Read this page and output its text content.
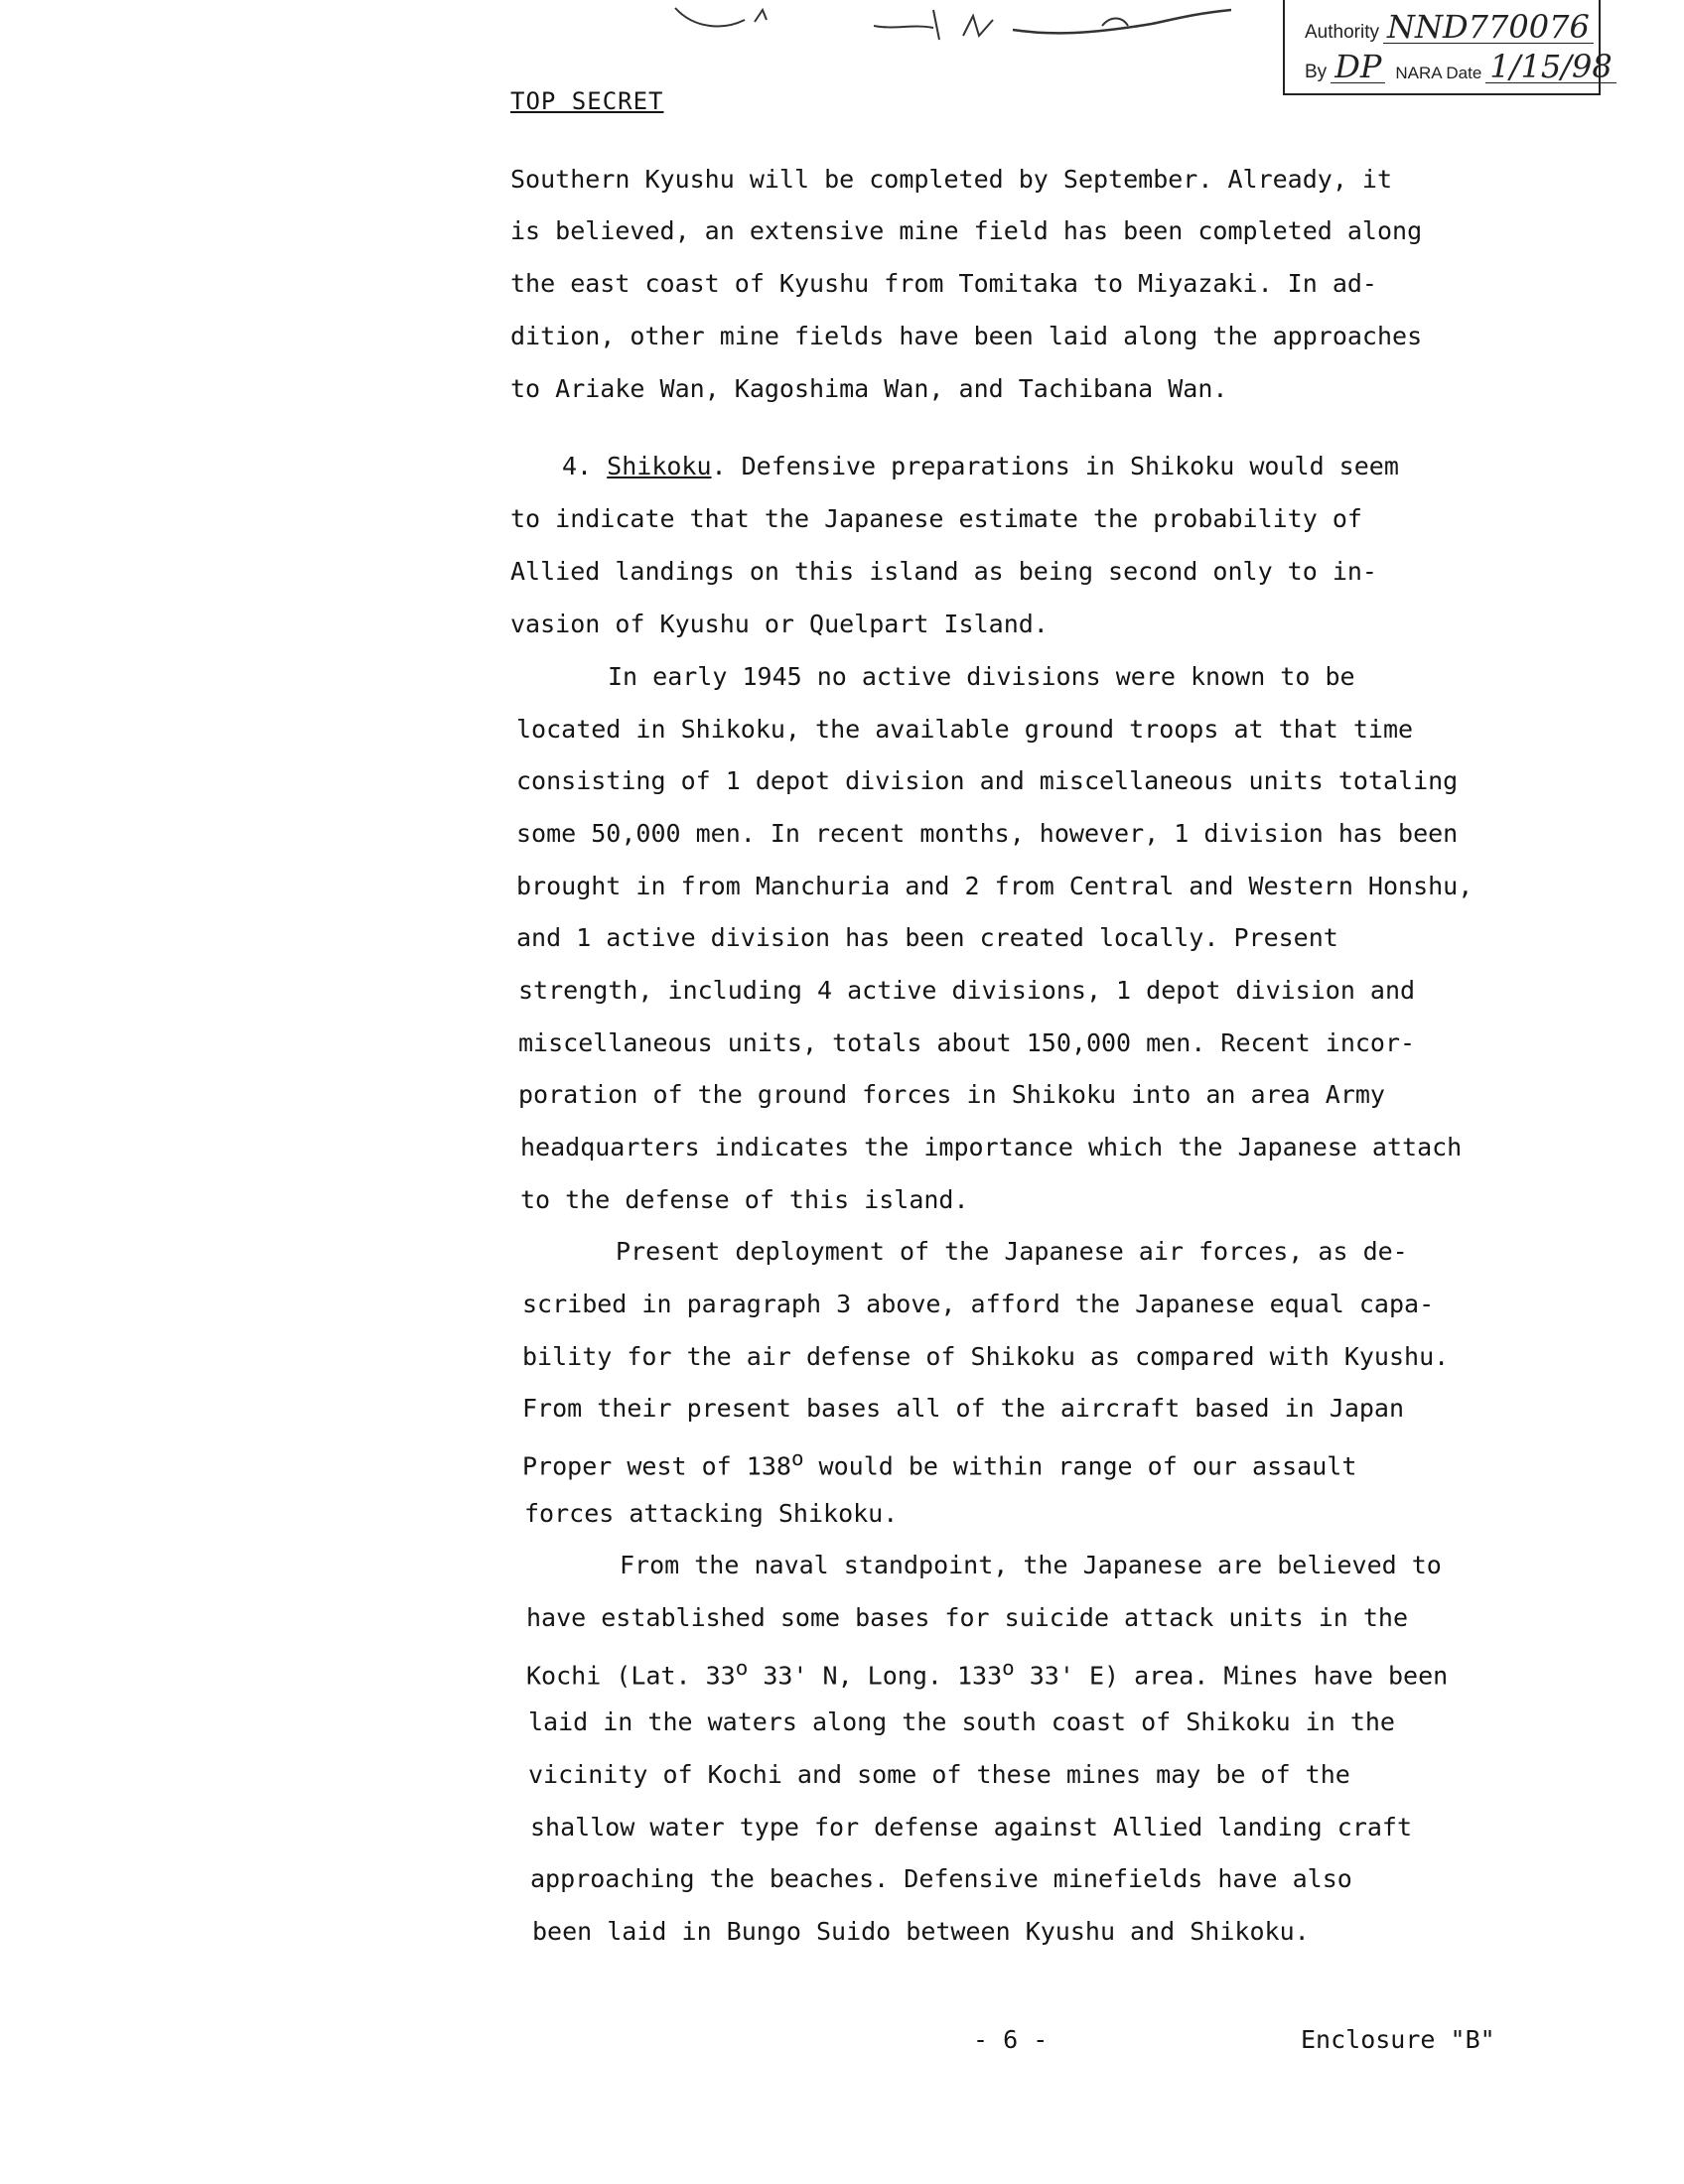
Authority NND770076
By DP NARA Date 1/15/98
TOP SECRET

Southern Kyushu will be completed by September. Already, it

is believed, an extensive mine field has been completed along

the east coast of Kyushu from Tomitaka to Miyazaki. In ad-

dition, other mine fields have been laid along the approaches

to Ariake Wan, Kagoshima Wan, and Tachibana Wan.

4. Shikoku. Defensive preparations in Shikoku would seem

to indicate that the Japanese estimate the probability of

Allied landings on this island as being second only to in-

vasion of Kyushu or Quelpart Island.

In early 1945 no active divisions were known to be

located in Shikoku, the available ground troops at that time

consisting of 1 depot division and miscellaneous units totaling

some 50,000 men. In recent months, however, 1 division has been

brought in from Manchuria and 2 from Central and Western Honshu,

and 1 active division has been created locally. Present

strength, including 4 active divisions, 1 depot division and

miscellaneous units, totals about 150,000 men. Recent incor-

poration of the ground forces in Shikoku into an area Army

headquarters indicates the importance which the Japanese attach

to the defense of this island.

Present deployment of the Japanese air forces, as de-

scribed in paragraph 3 above, afford the Japanese equal capa-

bility for the air defense of Shikoku as compared with Kyushu.

From their present bases all of the aircraft based in Japan

Proper west of 138$^o$ would be within range of our assault

forces attacking Shikoku.

From the naval standpoint, the Japanese are believed to

have established some bases for suicide attack units in the

Kochi (Lat. 33$^o$ 33' N, Long. 133$^o$ 33' E) area. Mines have been

laid in the waters along the south coast of Shikoku in the

vicinity of Kochi and some of these mines may be of the

shallow water type for defense against Allied landing craft

approaching the beaches. Defensive minefields have also

been laid in Bungo Suido between Kyushu and Shikoku.

- 6 -	Enclosure "B"
